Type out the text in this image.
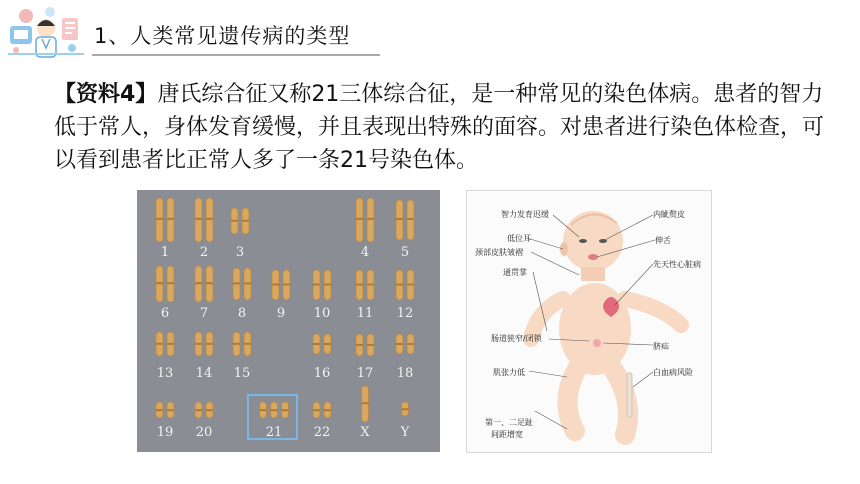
1、人类常见遗传病的类型
【资料4】唐氏综合征又称21三体综合征，是一种常见的染色体病。患者的智力低于常人，身体发育缓慢，并且表现出特殊的面容。对患者进行染色体检查，可以看到患者比正常人多了一条21号染色体。
1	2	3	4	5
6	7	8	9	10	11	12
13	14	15	16	17	18
19	20	21	22	X	Y
智力发育迟缓
低位耳
颈部皮肤皱褶
通贯掌
肠道狭窄/闭锁
肌张力低
第一、二足趾
间距增宽
内眦赘皮
伸舌
先天性心脏病
脐疝
白血病风险
